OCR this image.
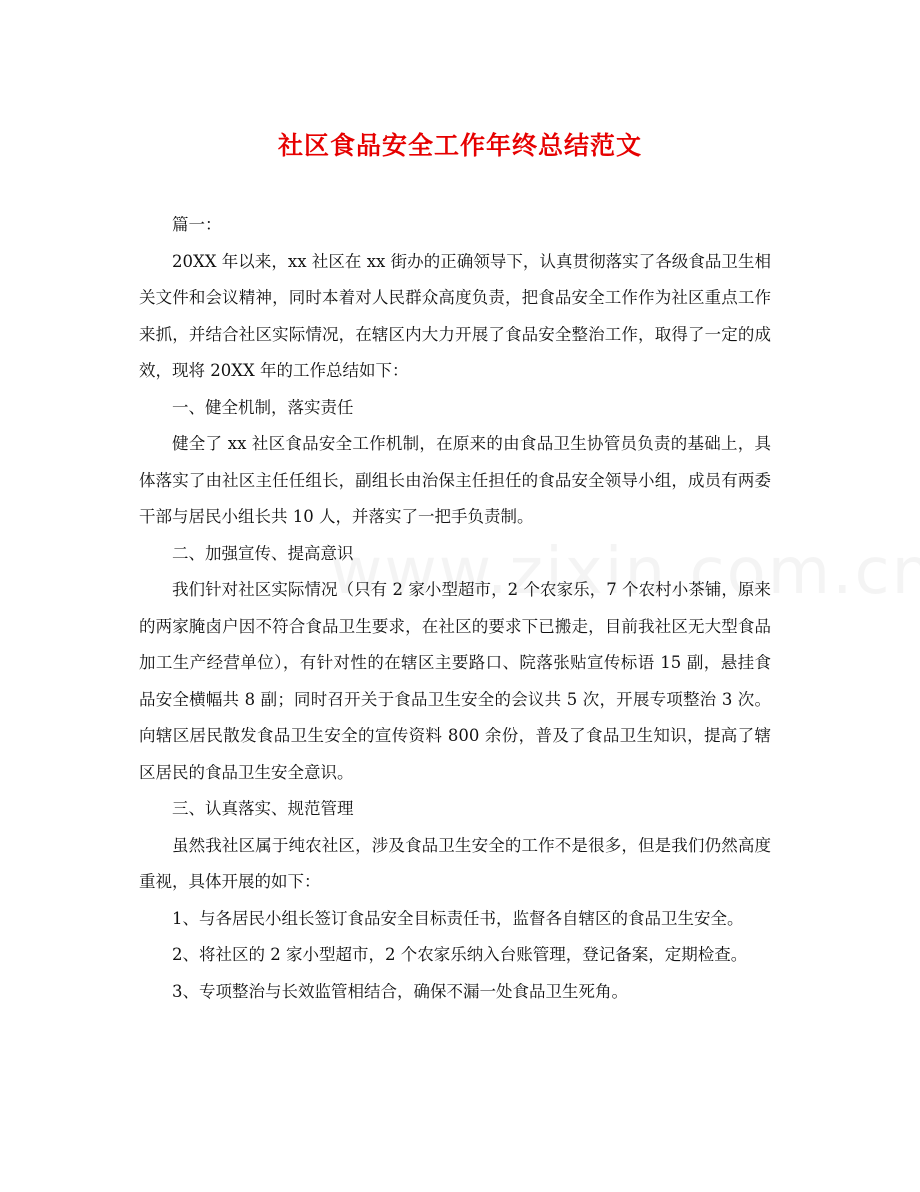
社区食品安全工作年终总结范文

篇一：

20XX 年以来，xx 社区在 xx 街办的正确领导下，认真贯彻落实了各级食品卫生相关文件和会议精神，同时本着对人民群众高度负责，把食品安全工作作为社区重点工作来抓，并结合社区实际情况，在辖区内大力开展了食品安全整治工作，取得了一定的成效，现将 20XX 年的工作总结如下：

一、健全机制，落实责任

健全了 xx 社区食品安全工作机制，在原来的由食品卫生协管员负责的基础上，具体落实了由社区主任任组长，副组长由治保主任担任的食品安全领导小组，成员有两委干部与居民小组长共 10 人，并落实了一把手负责制。

二、加强宣传、提高意识

我们针对社区实际情况（只有 2 家小型超市，2 个农家乐，7 个农村小茶铺，原来的两家腌卤户因不符合食品卫生要求，在社区的要求下已搬走，目前我社区无大型食品加工生产经营单位），有针对性的在辖区主要路口、院落张贴宣传标语 15 副，悬挂食品安全横幅共 8 副；同时召开关于食品卫生安全的会议共 5 次，开展专项整治 3 次。向辖区居民散发食品卫生安全的宣传资料 800 余份，普及了食品卫生知识，提高了辖区居民的食品卫生安全意识。

三、认真落实、规范管理

虽然我社区属于纯农社区，涉及食品卫生安全的工作不是很多，但是我们仍然高度重视，具体开展的如下：

1、与各居民小组长签订食品安全目标责任书，监督各自辖区的食品卫生安全。

2、将社区的 2 家小型超市，2 个农家乐纳入台账管理，登记备案，定期检查。

3、专项整治与长效监管相结合，确保不漏一处食品卫生死角。
